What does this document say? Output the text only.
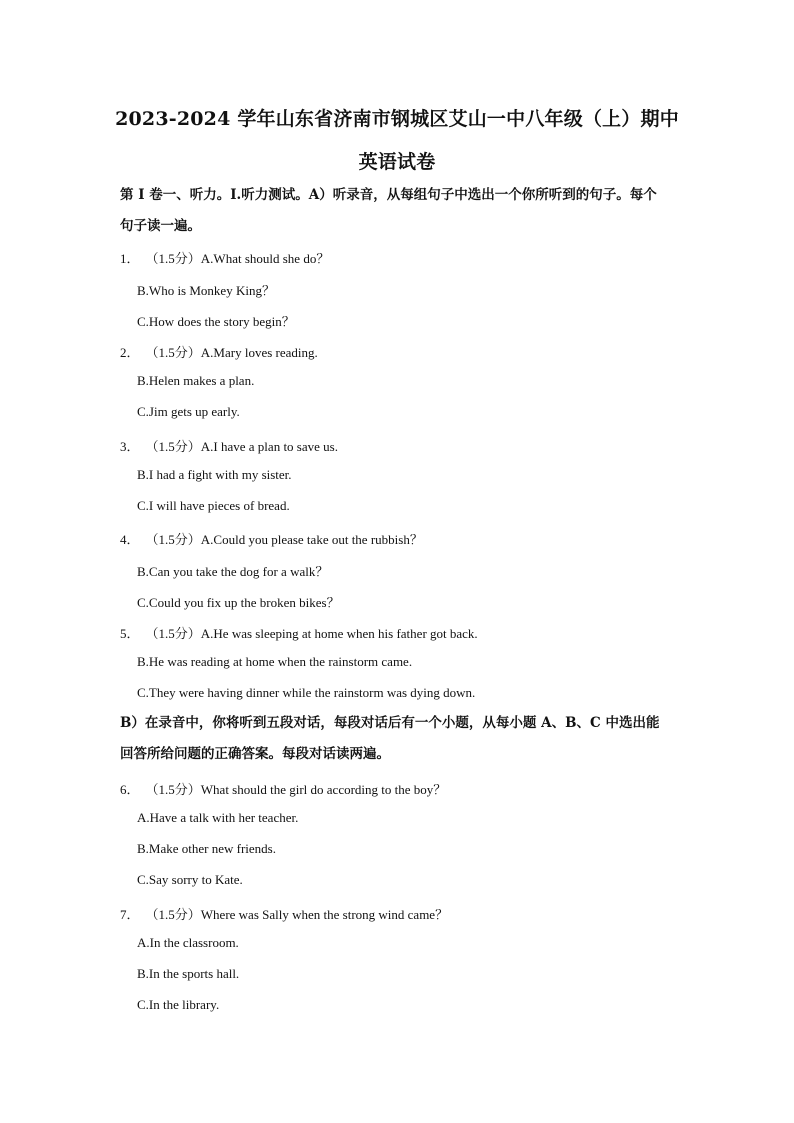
2023-2024 学年山东省济南市钢城区艾山一中八年级（上）期中
英语试卷
第 I 卷一、听力。I.听力测试。A）听录音，从每组句子中选出一个你所听到的句子。每个
句子读一遍。
1． （1.5分）A.What should she do？
B.Who is Monkey King？
C.How does the story begin？
2． （1.5分）A.Mary loves reading.
B.Helen makes a plan.
C.Jim gets up early.
3． （1.5分）A.I have a plan to save us.
B.I had a fight with my sister.
C.I will have pieces of bread.
4． （1.5分）A.Could you please take out the rubbish？
B.Can you take the dog for a walk？
C.Could you fix up the broken bikes？
5． （1.5分）A.He was sleeping at home when his father got back.
B.He was reading at home when the rainstorm came.
C.They were having dinner while the rainstorm was dying down.
B）在录音中，你将听到五段对话，每段对话后有一个小题，从每小题 A、B、C 中选出能
回答所给问题的正确答案。每段对话读两遍。
6． （1.5分）What should the girl do according to the boy？
A.Have a talk with her teacher.
B.Make other new friends.
C.Say sorry to Kate.
7． （1.5分）Where was Sally when the strong wind came？
A.In the classroom.
B.In the sports hall.
C.In the library.
